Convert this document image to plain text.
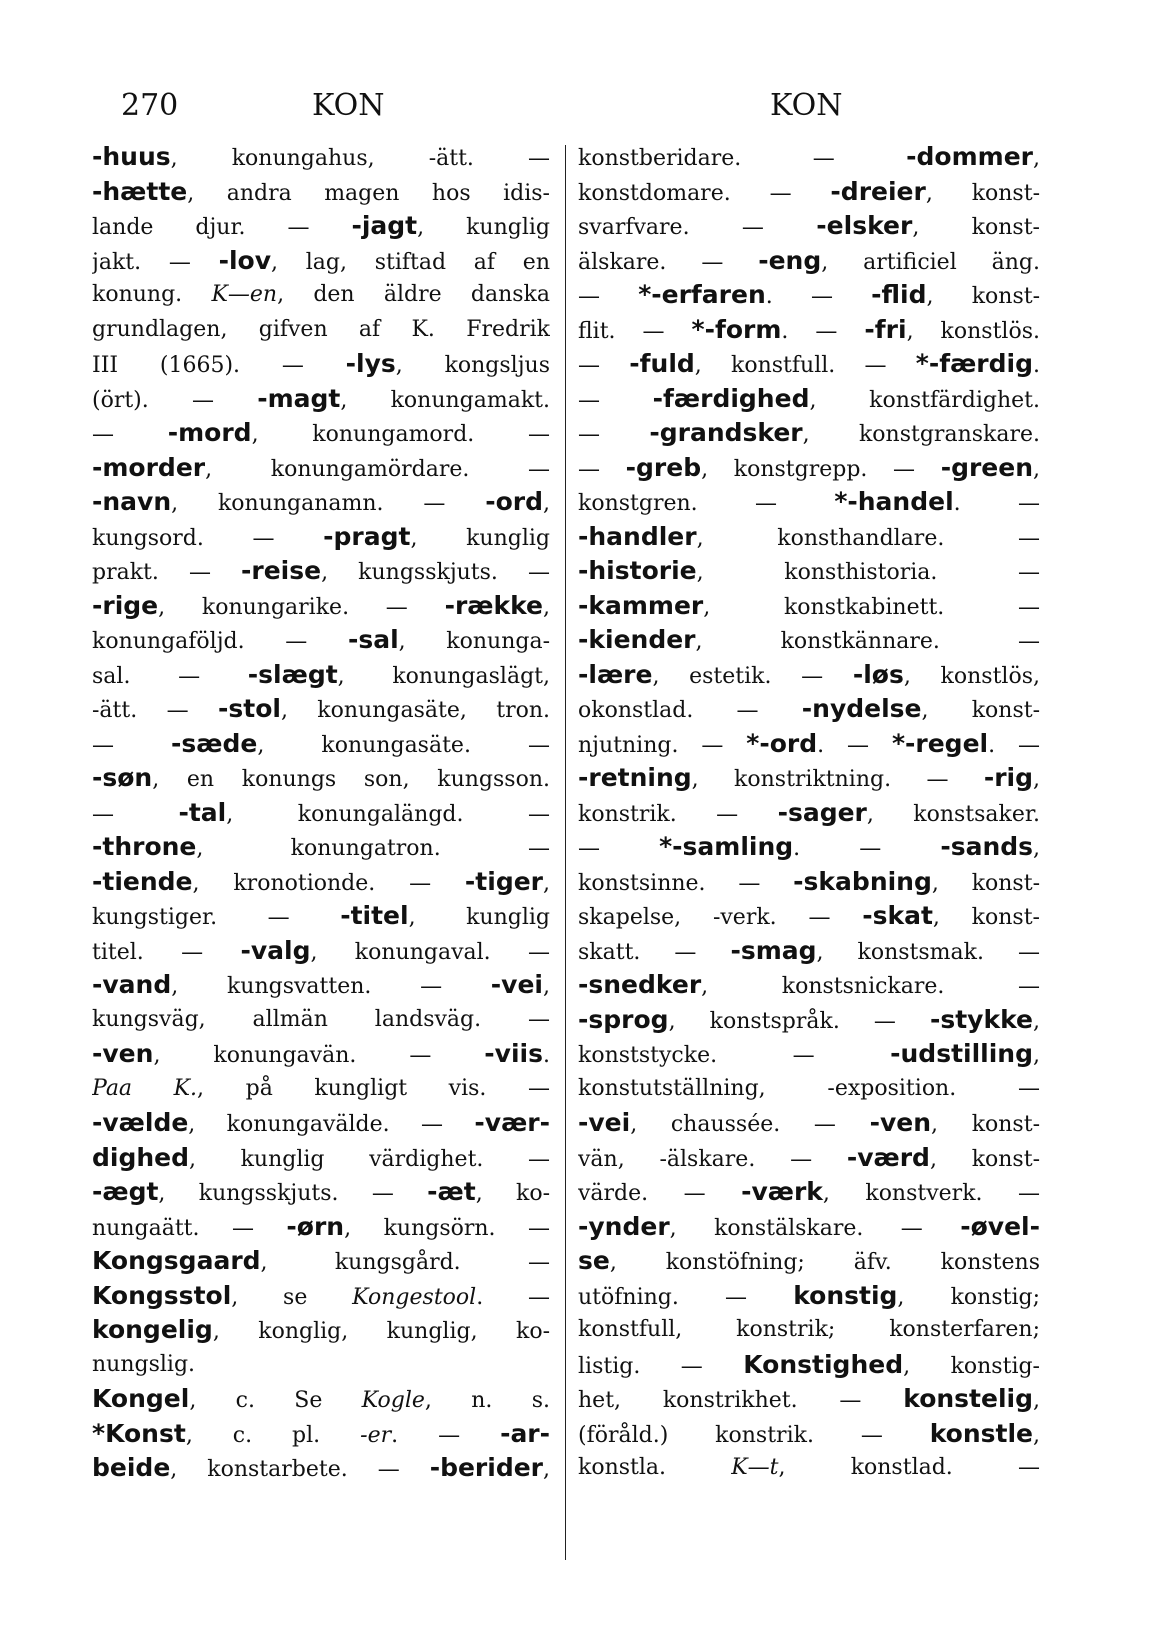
270	KON	KON
-huus, konungahus, -ätt. —
-hætte, andra magen hos idis-
lande djur. — -jagt, kunglig
jakt. — -lov, lag, stiftad af en
konung. K—en, den äldre danska
grundlagen, gifven af K. Fredrik
III (1665). — -lys, kongsljus
(ört). — -magt, konungamakt.
— -mord, konungamord. —
-morder, konungamördare. —
-navn, konunganamn. — -ord,
kungsord. — -pragt, kunglig
prakt. — -reise, kungsskjuts. —
-rige, konungarike. — -række,
konungaföljd. — -sal, konunga-
sal. — -slægt, konungaslägt,
-ätt. — -stol, konungasäte, tron.
— -sæde, konungasäte. —
-søn, en konungs son, kungsson.
— -tal, konungalängd. —
-throne, konungatron. —
-tiende, kronotionde. — -tiger,
kungstiger. — -titel, kunglig
titel. — -valg, konungaval. —
-vand, kungsvatten. — -vei,
kungsväg, allmän landsväg. —
-ven, konungavän. — -viis.
Paa K., på kungligt vis. —
-vælde, konungavälde. — -vær-
dighed, kunglig värdighet. —
-ægt, kungsskjuts. — -æt, ko-
nungaätt. — -ørn, kungsörn. —
Kongsgaard, kungsgård. —
Kongsstol, se Kongestool. —
kongelig, konglig, kunglig, ko-
nungslig.
Kongel, c. Se Kogle, n. s.
*Konst, c. pl. -er. — -ar-
beide, konstarbete. — -berider,
konstberidare. — -dommer,
konstdomare. — -dreier, konst-
svarfvare. — -elsker, konst-
älskare. — -eng, artificiel äng.
— *-erfaren. — -flid, konst-
flit. — *-form. — -fri, konstlös.
— -fuld, konstfull. — *-færdig.
— -færdighed, konstfärdighet.
— -grandsker, konstgranskare.
— -greb, konstgrepp. — -green,
konstgren. — *-handel. —
-handler, konsthandlare. —
-historie, konsthistoria. —
-kammer, konstkabinett. —
-kiender, konstkännare. —
-lære, estetik. — -løs, konstlös,
okonstlad. — -nydelse, konst-
njutning. — *-ord. — *-regel. —
-retning, konstriktning. — -rig,
konstrik. — -sager, konstsaker.
— *-samling. — -sands,
konstsinne. — -skabning, konst-
skapelse, -verk. — -skat, konst-
skatt. — -smag, konstsmak. —
-snedker, konstsnickare. —
-sprog, konstspråk. — -stykke,
konststycke. — -udstilling,
konstutställning, -exposition. —
-vei, chaussée. — -ven, konst-
vän, -älskare. — -værd, konst-
värde. — -værk, konstverk. —
-ynder, konstälskare. — -øvel-
se, konstöfning; äfv. konstens
utöfning. — konstig, konstig;
konstfull, konstrik; konsterfaren;
listig. — Konstighed, konstig-
het, konstrikhet. — konstelig,
(föråld.) konstrik. — konstle,
konstla. K—t, konstlad. —
